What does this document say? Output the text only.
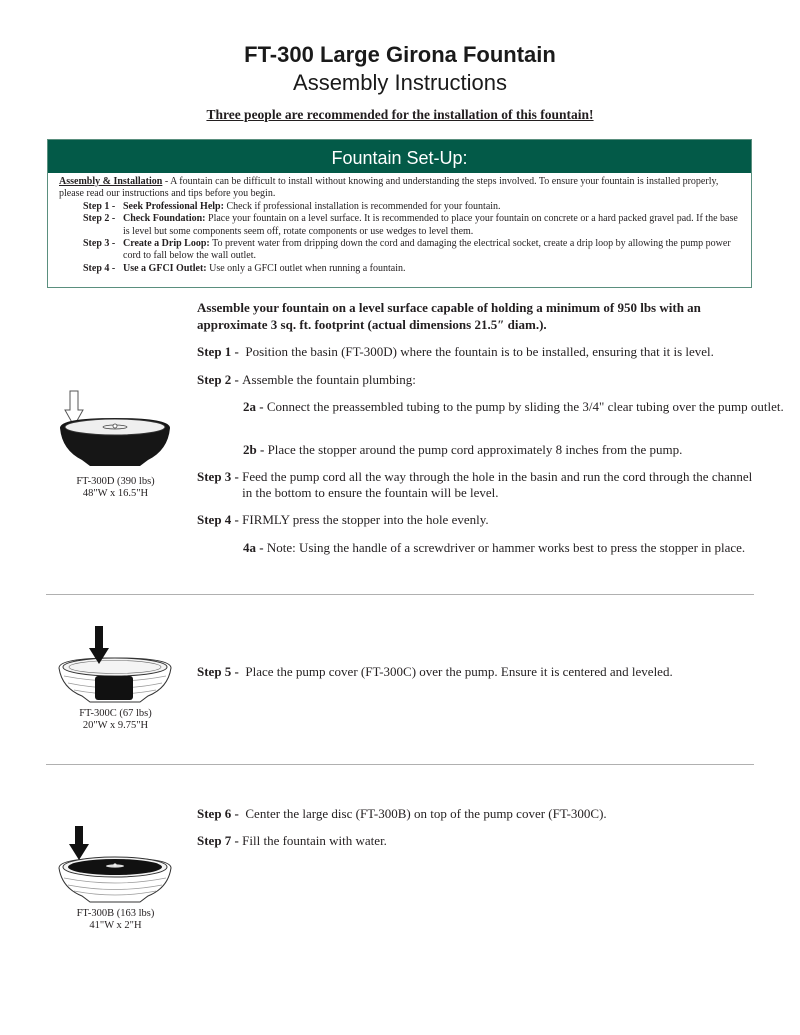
FT-300 Large Girona Fountain
Assembly Instructions
Three people are recommended for the installation of this fountain!
Fountain Set-Up:
Assembly & Installation - A fountain can be difficult to install without knowing and understanding the steps involved. To ensure your fountain is installed properly, please read our instructions and tips before you begin.
Step 1 - Seek Professional Help: Check if professional installation is recommended for your fountain.
Step 2 - Check Foundation: Place your fountain on a level surface. It is recommended to place your fountain on concrete or a hard packed gravel pad. If the base is level but some components seem off, rotate components or use wedges to level them.
Step 3 - Create a Drip Loop: To prevent water from dripping down the cord and damaging the electrical socket, create a drip loop by allowing the pump power cord to fall below the wall outlet.
Step 4 - Use a GFCI Outlet: Use only a GFCI outlet when running a fountain.
Assemble your fountain on a level surface capable of holding a minimum of 950 lbs with an approximate 3 sq. ft. footprint (actual dimensions 21.5″ diam.).
Step 1 - Position the basin (FT-300D) where the fountain is to be installed, ensuring that it is level.
Step 2 - Assemble the fountain plumbing:
2a - Connect the preassembled tubing to the pump by sliding the 3/4" clear tubing over the pump outlet.
2b - Place the stopper around the pump cord approximately 8 inches from the pump.
Step 3 - Feed the pump cord all the way through the hole in the basin and run the cord through the channel in the bottom to ensure the fountain will be level.
Step 4 - FIRMLY press the stopper into the hole evenly.
4a - Note: Using the handle of a screwdriver or hammer works best to press the stopper in place.
Step 5 - Place the pump cover (FT-300C) over the pump. Ensure it is centered and leveled.
Step 6 - Center the large disc (FT-300B) on top of the pump cover (FT-300C).
Step 7 - Fill the fountain with water.
FT-300D (390 lbs)
48"W x 16.5"H
FT-300C (67 lbs)
20"W x 9.75"H
FT-300B (163 lbs)
41"W x 2"H
